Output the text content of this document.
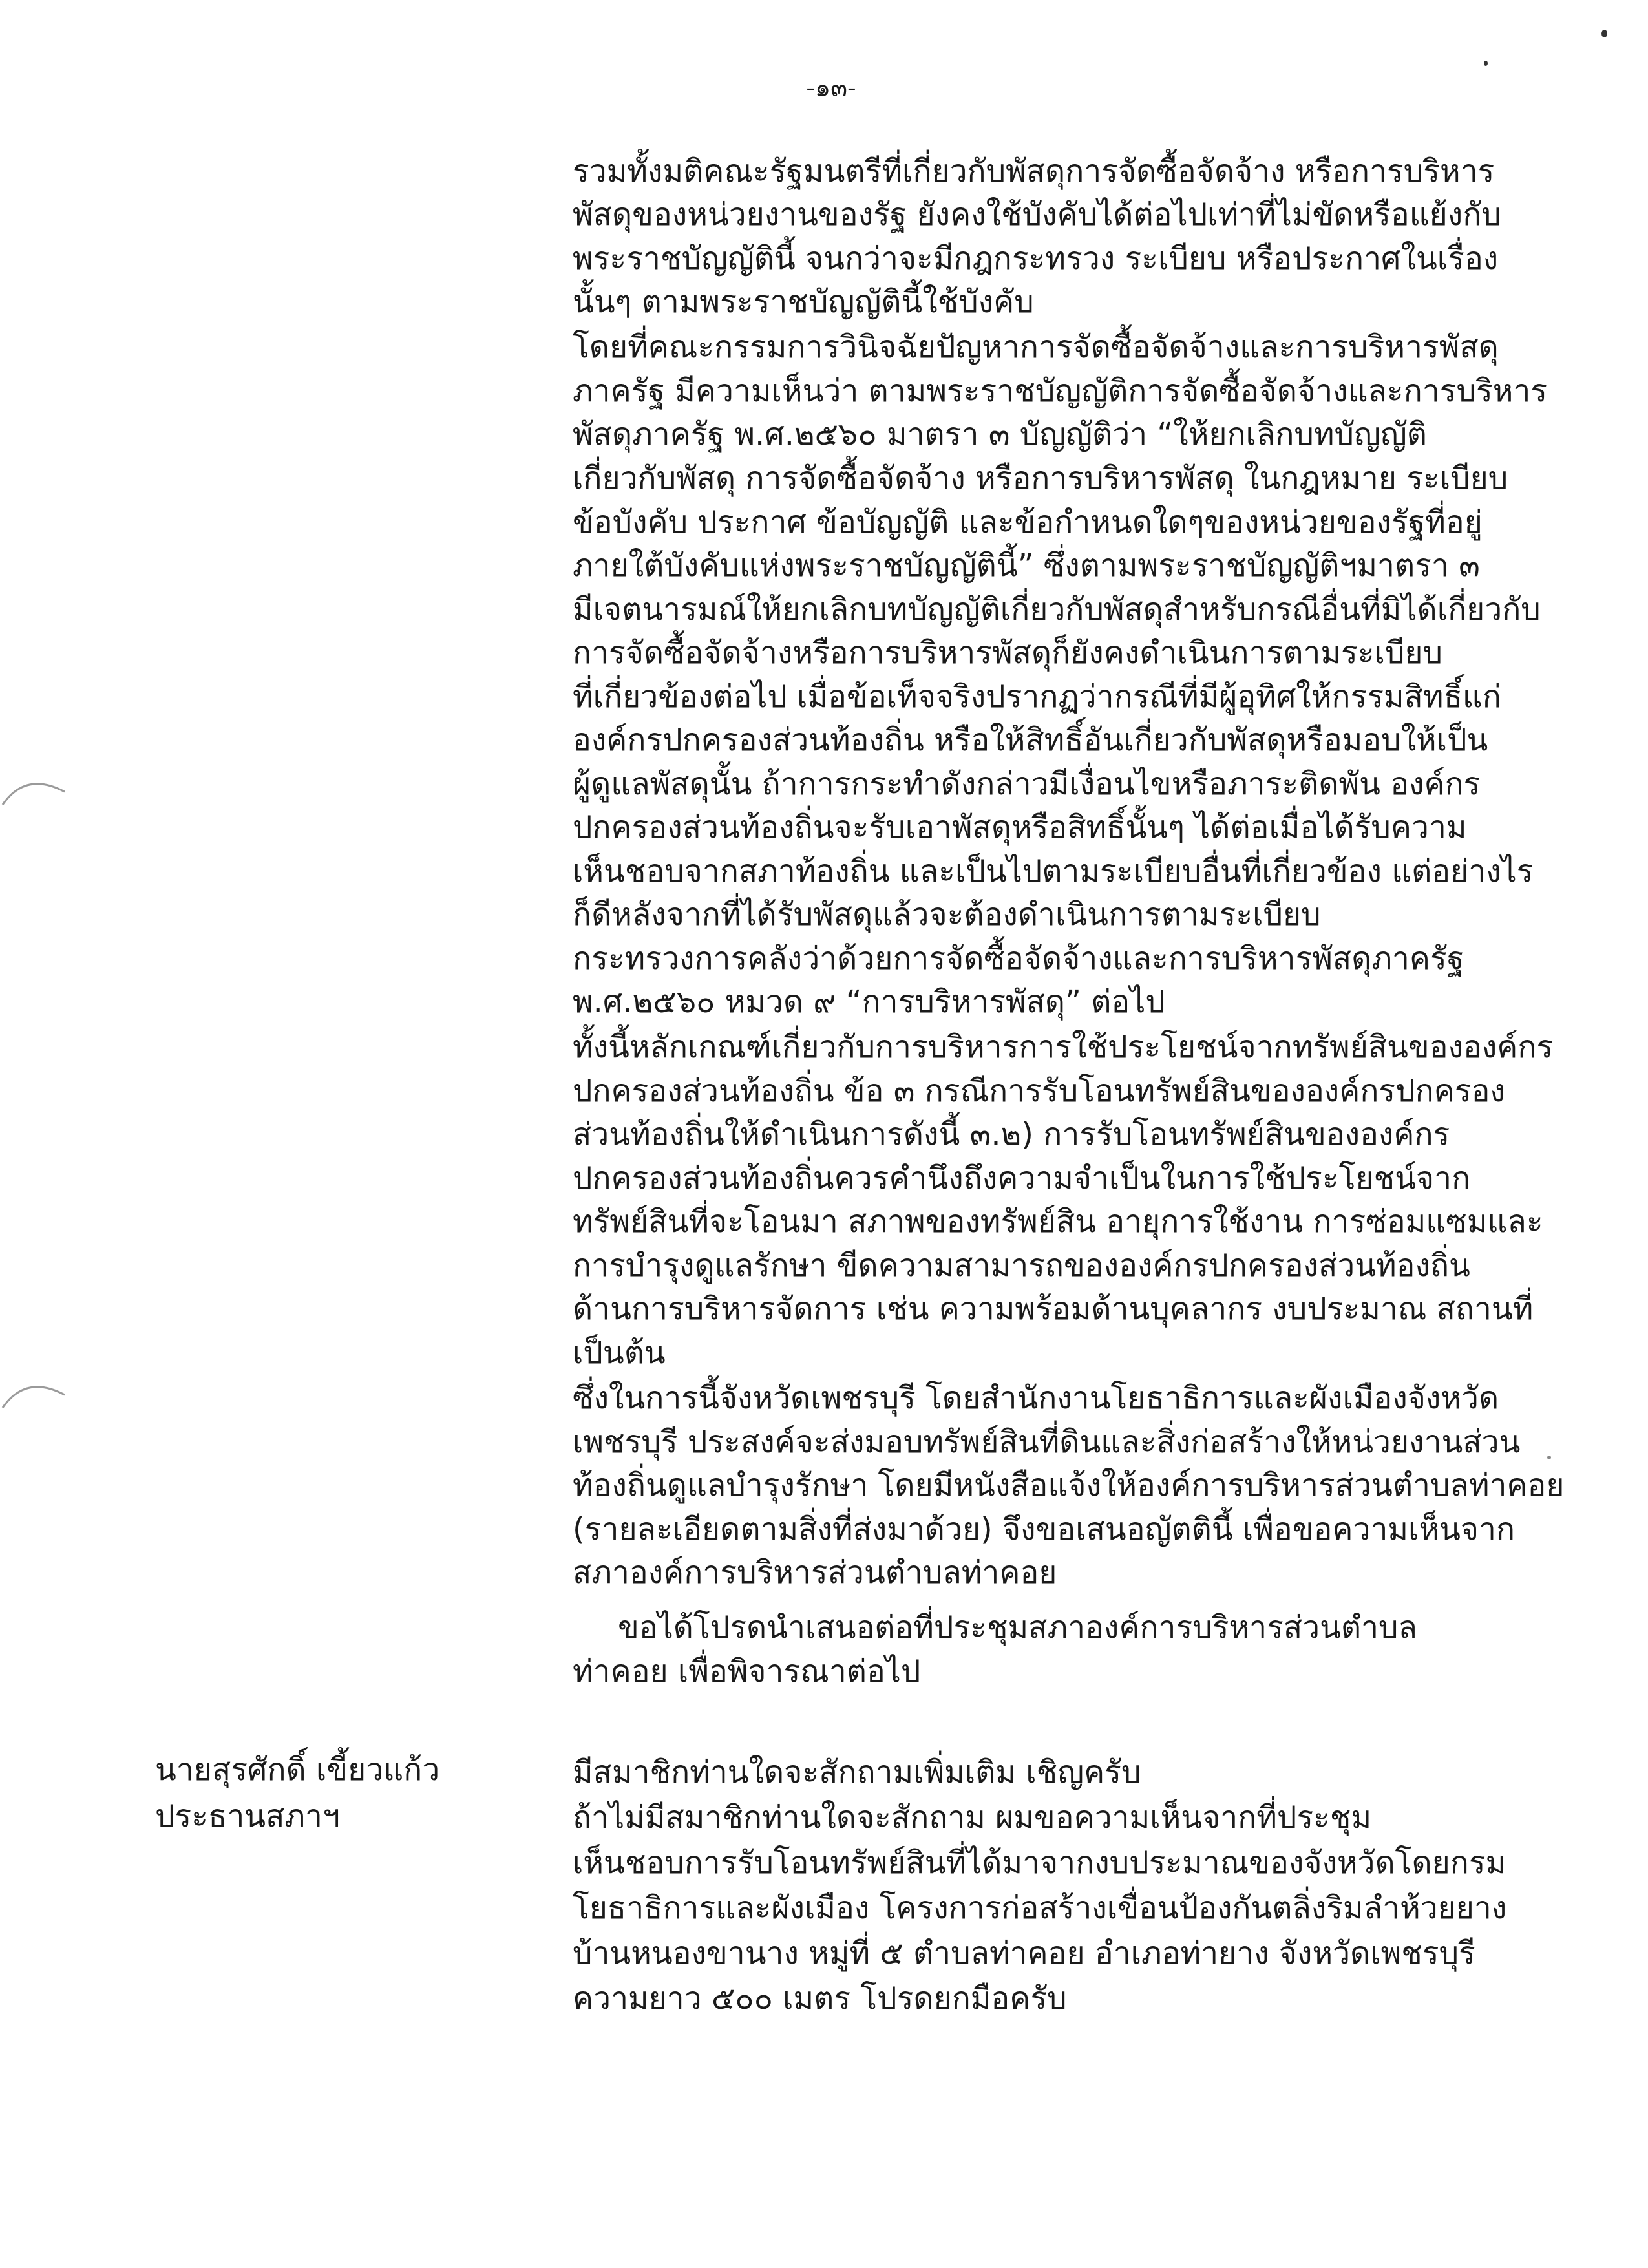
-๑๓-
รวมทั้งมติคณะรัฐมนตรีที่เกี่ยวกับพัสดุการจัดซื้อจัดจ้าง หรือการบริหาร
พัสดุของหน่วยงานของรัฐ ยังคงใช้บังคับได้ต่อไปเท่าที่ไม่ขัดหรือแย้งกับ
พระราชบัญญัตินี้ จนกว่าจะมีกฎกระทรวง ระเบียบ หรือประกาศในเรื่อง
นั้นๆ ตามพระราชบัญญัตินี้ใช้บังคับ
โดยที่คณะกรรมการวินิจฉัยปัญหาการจัดซื้อจัดจ้างและการบริหารพัสดุ
ภาครัฐ มีความเห็นว่า ตามพระราชบัญญัติการจัดซื้อจัดจ้างและการบริหาร
พัสดุภาครัฐ พ.ศ.๒๕๖๐ มาตรา ๓ บัญญัติว่า “ให้ยกเลิกบทบัญญัติ
เกี่ยวกับพัสดุ การจัดซื้อจัดจ้าง หรือการบริหารพัสดุ ในกฎหมาย ระเบียบ
ข้อบังคับ ประกาศ ข้อบัญญัติ และข้อกำหนดใดๆของหน่วยของรัฐที่อยู่
ภายใต้บังคับแห่งพระราชบัญญัตินี้” ซึ่งตามพระราชบัญญัติฯมาตรา ๓
มีเจตนารมณ์ให้ยกเลิกบทบัญญัติเกี่ยวกับพัสดุสำหรับกรณีอื่นที่มิได้เกี่ยวกับ
การจัดซื้อจัดจ้างหรือการบริหารพัสดุก็ยังคงดำเนินการตามระเบียบ
ที่เกี่ยวข้องต่อไป เมื่อข้อเท็จจริงปรากฏว่ากรณีที่มีผู้อุทิศให้กรรมสิทธิ์แก่
องค์กรปกครองส่วนท้องถิ่น หรือให้สิทธิ์อันเกี่ยวกับพัสดุหรือมอบให้เป็น
ผู้ดูแลพัสดุนั้น ถ้าการกระทำดังกล่าวมีเงื่อนไขหรือภาระติดพัน องค์กร
ปกครองส่วนท้องถิ่นจะรับเอาพัสดุหรือสิทธิ์นั้นๆ ได้ต่อเมื่อได้รับความ
เห็นชอบจากสภาท้องถิ่น และเป็นไปตามระเบียบอื่นที่เกี่ยวข้อง แต่อย่างไร
ก็ดีหลังจากที่ได้รับพัสดุแล้วจะต้องดำเนินการตามระเบียบ
กระทรวงการคลังว่าด้วยการจัดซื้อจัดจ้างและการบริหารพัสดุภาครัฐ
พ.ศ.๒๕๖๐ หมวด ๙ “การบริหารพัสดุ” ต่อไป
ทั้งนี้หลักเกณฑ์เกี่ยวกับการบริหารการใช้ประโยชน์จากทรัพย์สินขององค์กร
ปกครองส่วนท้องถิ่น ข้อ ๓ กรณีการรับโอนทรัพย์สินขององค์กรปกครอง
ส่วนท้องถิ่นให้ดำเนินการดังนี้ ๓.๒) การรับโอนทรัพย์สินขององค์กร
ปกครองส่วนท้องถิ่นควรคำนึงถึงความจำเป็นในการใช้ประโยชน์จาก
ทรัพย์สินที่จะโอนมา สภาพของทรัพย์สิน อายุการใช้งาน การซ่อมแซมและ
การบำรุงดูแลรักษา ขีดความสามารถขององค์กรปกครองส่วนท้องถิ่น
ด้านการบริหารจัดการ เช่น ความพร้อมด้านบุคลากร งบประมาณ สถานที่
เป็นต้น
ซึ่งในการนี้จังหวัดเพชรบุรี โดยสำนักงานโยธาธิการและผังเมืองจังหวัด
เพชรบุรี ประสงค์จะส่งมอบทรัพย์สินที่ดินและสิ่งก่อสร้างให้หน่วยงานส่วน
ท้องถิ่นดูแลบำรุงรักษา โดยมีหนังสือแจ้งให้องค์การบริหารส่วนตำบลท่าคอย
(รายละเอียดตามสิ่งที่ส่งมาด้วย) จึงขอเสนอญัตตินี้ เพื่อขอความเห็นจาก
สภาองค์การบริหารส่วนตำบลท่าคอย
ขอได้โปรดนำเสนอต่อที่ประชุมสภาองค์การบริหารส่วนตำบล
ท่าคอย เพื่อพิจารณาต่อไป
นายสุรศักดิ์ เขี้ยวแก้ว
ประธานสภาฯ
มีสมาชิกท่านใดจะสักถามเพิ่มเติม เชิญครับ
ถ้าไม่มีสมาชิกท่านใดจะสักถาม ผมขอความเห็นจากที่ประชุม
เห็นชอบการรับโอนทรัพย์สินที่ได้มาจากงบประมาณของจังหวัดโดยกรม
โยธาธิการและผังเมือง โครงการก่อสร้างเขื่อนป้องกันตลิ่งริมลำห้วยยาง
บ้านหนองขานาง หมู่ที่ ๕ ตำบลท่าคอย อำเภอท่ายาง จังหวัดเพชรบุรี
ความยาว ๕๐๐ เมตร โปรดยกมือครับ
